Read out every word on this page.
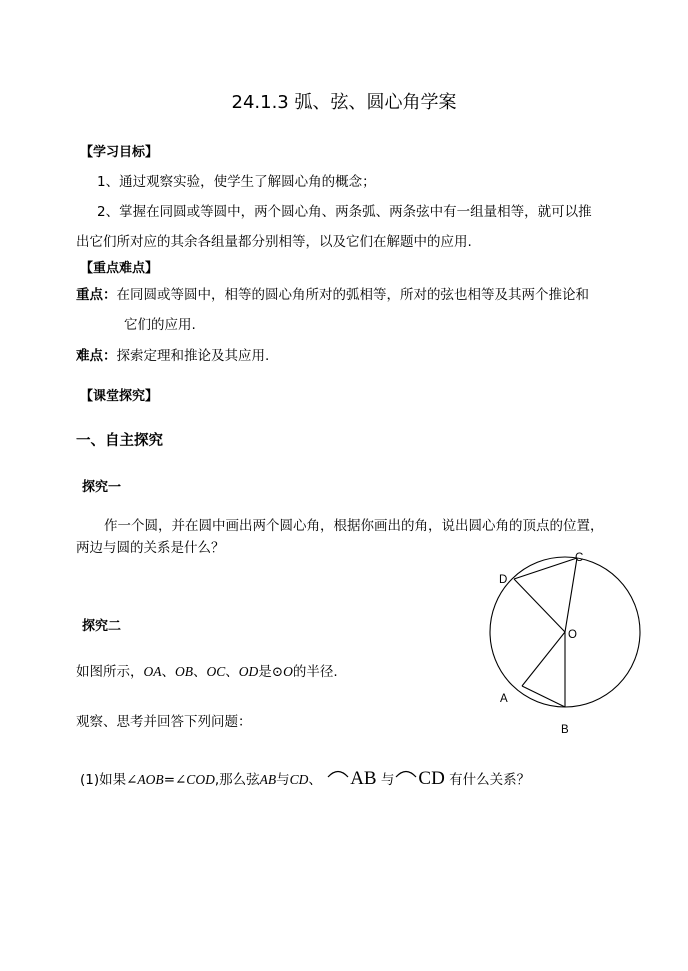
24.1.3 弧、弦、圆心角学案
【学习目标】
1、通过观察实验，使学生了解圆心角的概念；
2、掌握在同圆或等圆中，两个圆心角、两条弧、两条弦中有一组量相等，就可以推
出它们所对应的其余各组量都分别相等，以及它们在解题中的应用.
【重点难点】
重点：在同圆或等圆中，相等的圆心角所对的弧相等，所对的弦也相等及其两个推论和
它们的应用.
难点：探索定理和推论及其应用.
【课堂探究】
一、自主探究
探究一
作一个圆，并在圆中画出两个圆心角，根据你画出的角，说出圆心角的顶点的位置，
两边与圆的关系是什么？
探究二
如图所示，OA、OB、OC、OD是⊙O的半径.
观察、思考并回答下列问题：
(1)如果∠AOB=∠COD,那么弦AB与CD、 AB 与 CD 有什么关系？
C
D
O
A
B
